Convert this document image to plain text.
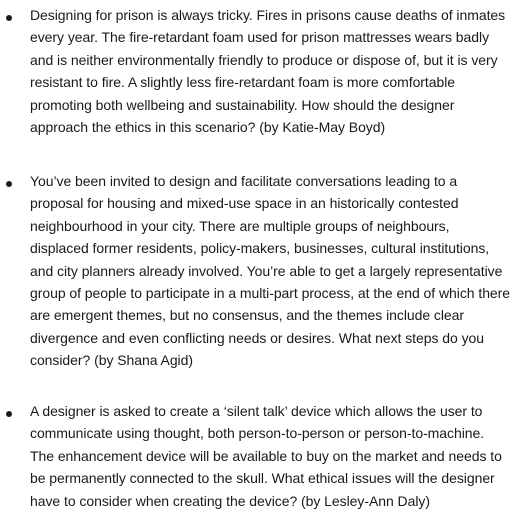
Designing for prison is always tricky. Fires in prisons cause deaths of inmates
every year. The fire-retardant foam used for prison mattresses wears badly
and is neither environmentally friendly to produce or dispose of, but it is very
resistant to fire. A slightly less fire-retardant foam is more comfortable
promoting both wellbeing and sustainability. How should the designer
approach the ethics in this scenario? (by Katie-May Boyd)
You’ve been invited to design and facilitate conversations leading to a
proposal for housing and mixed-use space in an historically contested
neighbourhood in your city. There are multiple groups of neighbours,
displaced former residents, policy-makers, businesses, cultural institutions,
and city planners already involved. You’re able to get a largely representative
group of people to participate in a multi-part process, at the end of which there
are emergent themes, but no consensus, and the themes include clear
divergence and even conflicting needs or desires. What next steps do you
consider? (by Shana Agid)
A designer is asked to create a ‘silent talk’ device which allows the user to
communicate using thought, both person-to-person or person-to-machine.
The enhancement device will be available to buy on the market and needs to
be permanently connected to the skull. What ethical issues will the designer
have to consider when creating the device? (by Lesley-Ann Daly)
